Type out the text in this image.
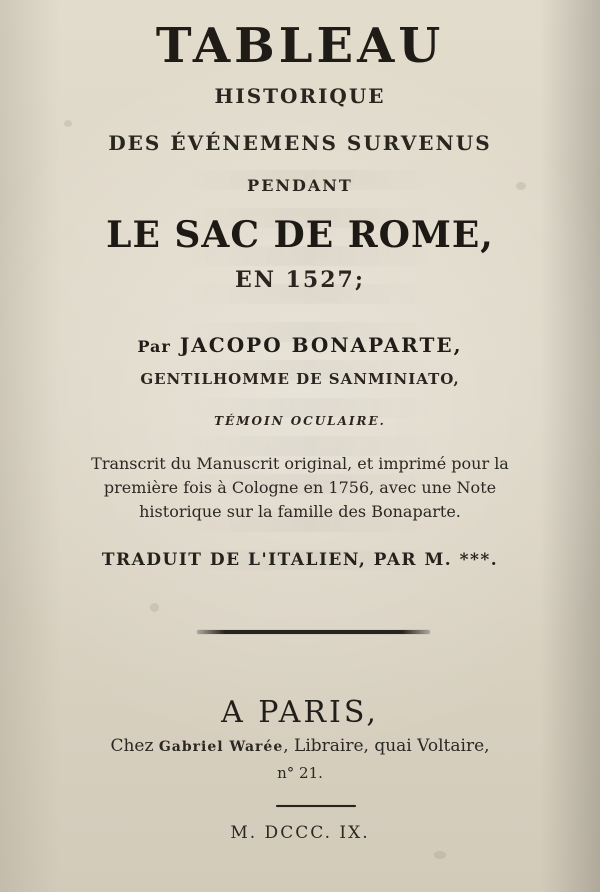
TABLEAU
HISTORIQUE
DES ÉVÉNEMENS SURVENUS
PENDANT
LE SAC DE ROME,
EN 1527;
Par JACOPO BONAPARTE,
GENTILHOMME DE SANMINIATO,
TÉMOIN OCULAIRE.
Transcrit du Manuscrit original, et imprimé pour la
première fois à Cologne en 1756, avec une Note
historique sur la famille des Bonaparte.
TRADUIT DE L'ITALIEN, PAR M. ***.
A PARIS,
Chez Gabriel Warée, Libraire, quai Voltaire,
n° 21.
M. DCCC. IX.
